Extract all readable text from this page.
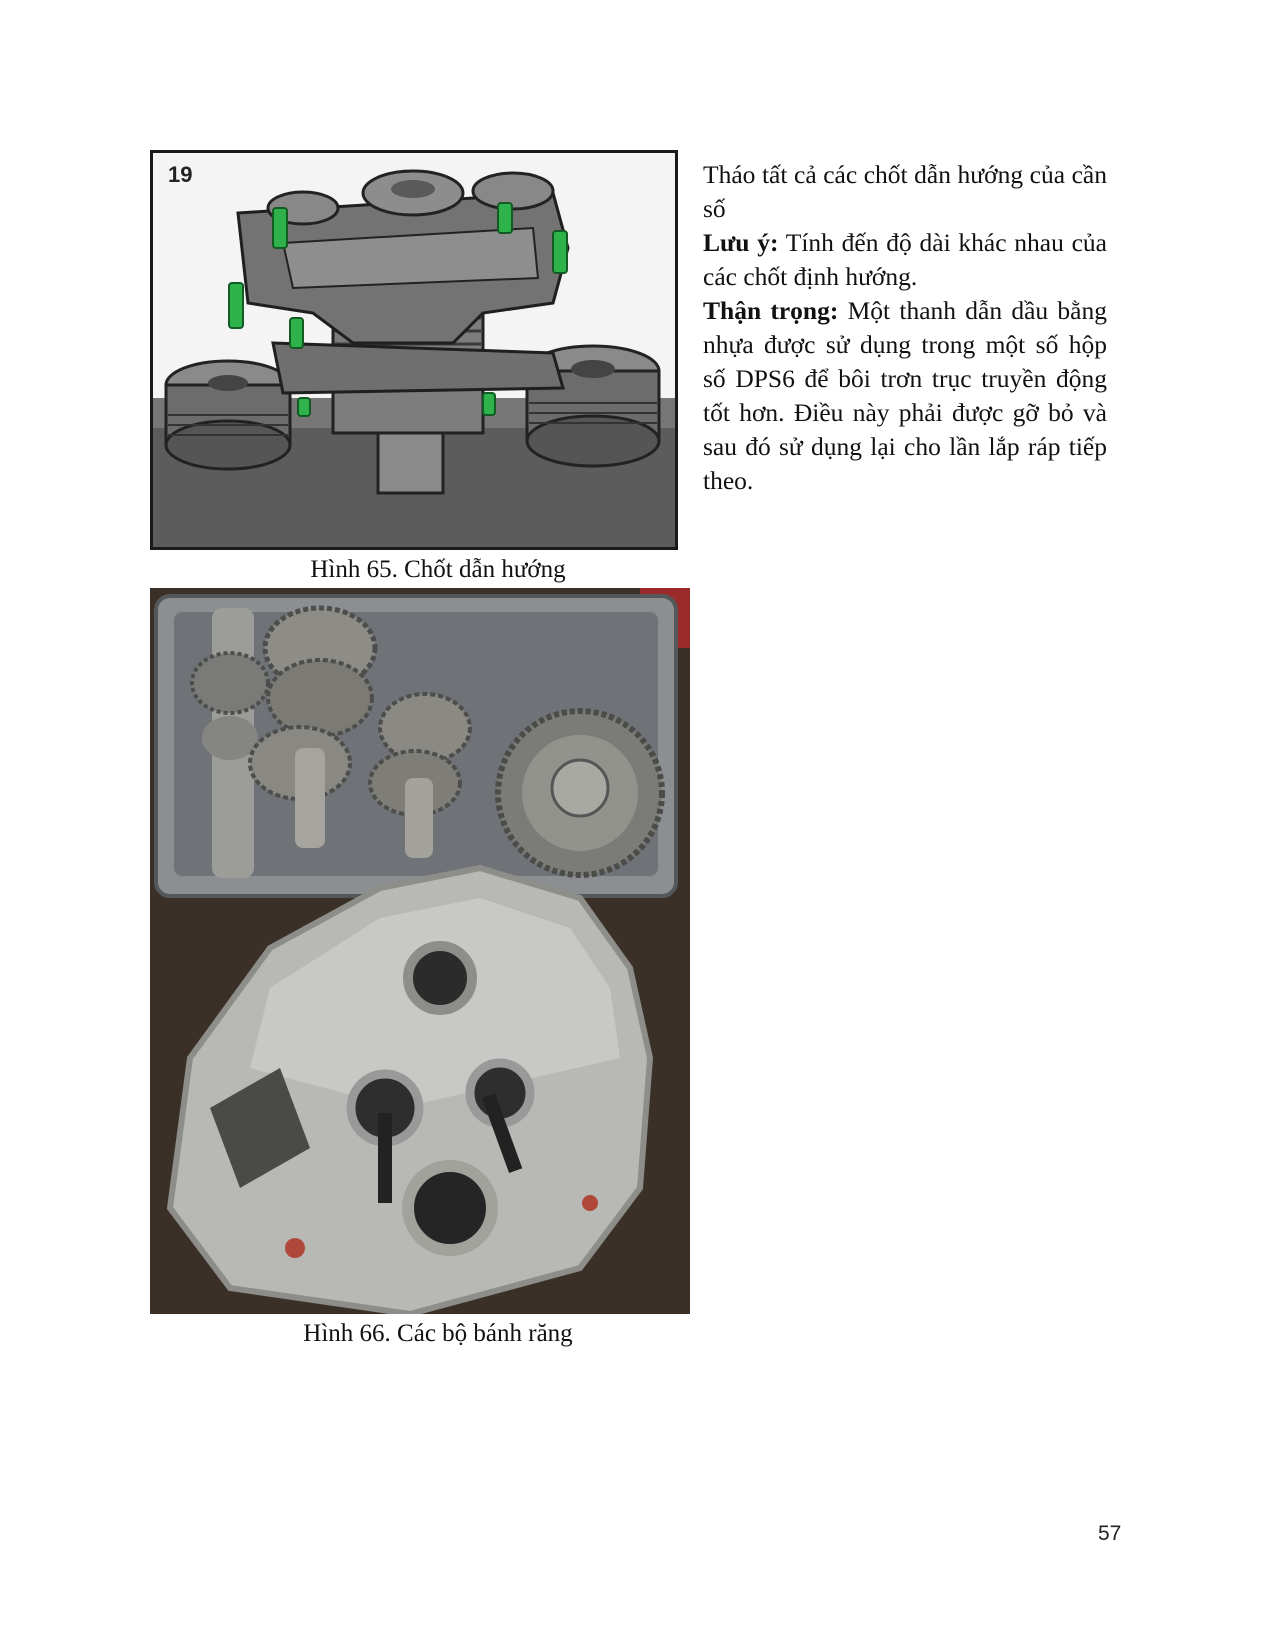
19
Hình 65. Chốt dẫn hướng

Tháo tất cả các chốt dẫn hướng của cần số

Lưu ý: Tính đến độ dài khác nhau của các chốt định hướng.

Thận trọng: Một thanh dẫn dầu bằng nhựa được sử dụng trong một số hộp số DPS6 để bôi trơn trục truyền động tốt hơn. Điều này phải được gỡ bỏ và sau đó sử dụng lại cho lần lắp ráp tiếp theo.

Hình 66. Các bộ bánh răng
57
